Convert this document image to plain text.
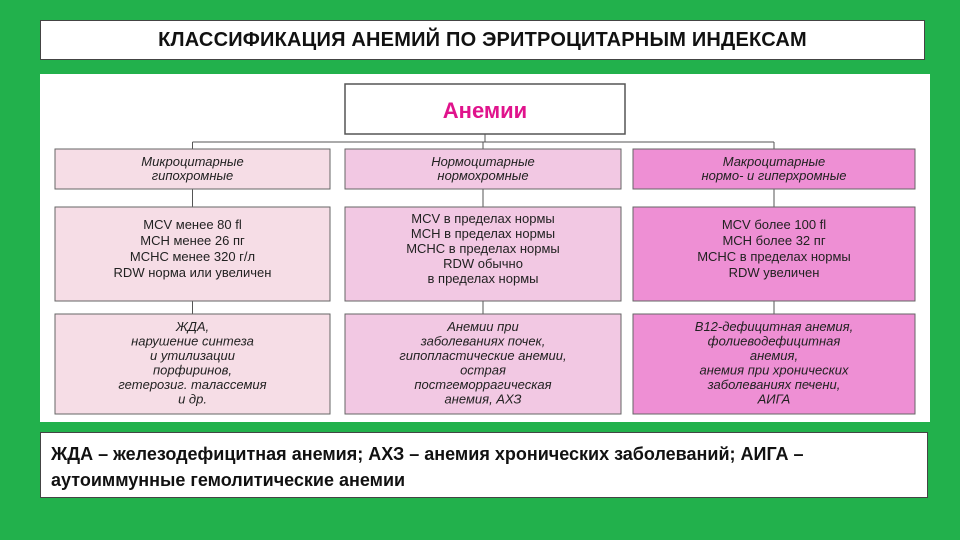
КЛАССИФИКАЦИЯ АНЕМИЙ ПО ЭРИТРОЦИТАРНЫМ ИНДЕКСАМ
Анемии
Микроцитарные
гипохромные
MCV менее 80 fl
MCH менее 26 пг
MCHC менее 320 г/л
RDW норма или увеличен
ЖДА,
нарушение синтеза
и утилизации
порфиринов,
гетерозиг. талассемия
и др.
Нормоцитарные
нормохромные
MCV в пределах нормы
MCH в пределах нормы
MCHC в пределах нормы
RDW обычно
в пределах нормы
Анемии при
заболеваниях почек,
гипопластические анемии,
острая
постгеморрагическая
анемия, АХЗ
Макроцитарные
нормо- и гиперхромные
MCV более 100 fl
MCH более 32 пг
MCHC в пределах нормы
RDW увеличен
B12-дефицитная анемия,
фолиеводефицитная
анемия,
анемия при хронических
заболеваниях печени,
АИГА
ЖДА – железодефицитная анемия; АХЗ – анемия хронических заболеваний; АИГА – аутоиммунные гемолитические анемии
